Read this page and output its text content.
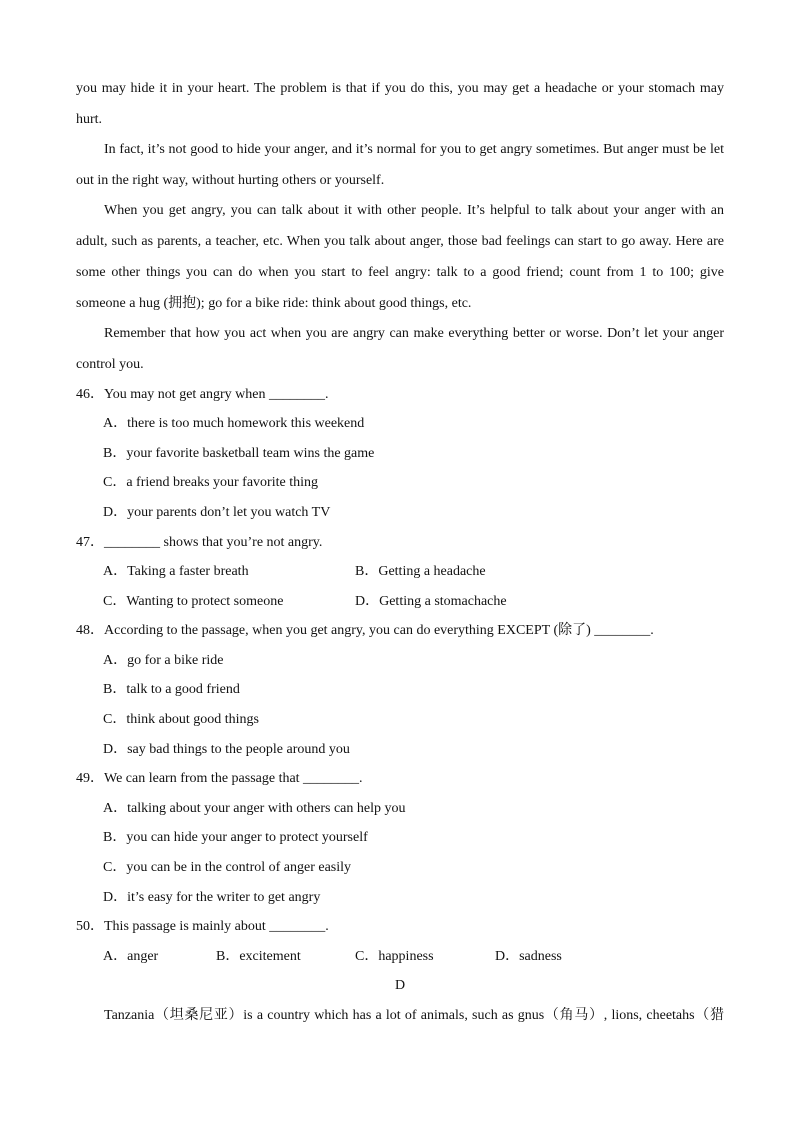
you may hide it in your heart. The problem is that if you do this, you may get a headache or your stomach may
hurt.
In fact, it’s not good to hide your anger, and it’s normal for you to get angry sometimes. But anger must be let
out in the right way, without hurting others or yourself.
When you get angry, you can talk about it with other people. It’s helpful to talk about your anger with an
adult, such as parents, a teacher, etc. When you talk about anger, those bad feelings can start to go away. Here are
some other things you can do when you start to feel angry: talk to a good friend; count from 1 to 100; give
someone a hug (拥抱); go for a bike ride: think about good things, etc.
Remember that how you act when you are angry can make everything better or worse. Don’t let your anger
control you.
46．You may not get angry when ________.
A．there is too much homework this weekend
B．your favorite basketball team wins the game
C．a friend breaks your favorite thing
D．your parents don’t let you watch TV
47．________ shows that you’re not angry.
A．Taking a faster breath	B．Getting a headache
C．Wanting to protect someone	D．Getting a stomachache
48．According to the passage, when you get angry, you can do everything EXCEPT (除了) ________.
A．go for a bike ride
B．talk to a good friend
C．think about good things
D．say bad things to the people around you
49．We can learn from the passage that ________.
A．talking about your anger with others can help you
B．you can hide your anger to protect yourself
C．you can be in the control of anger easily
D．it’s easy for the writer to get angry
50．This passage is mainly about ________.
A．anger	B．excitement	C．happiness	D．sadness
D
Tanzania（坦桑尼亚）is a country which has a lot of animals, such as gnus（角马）, lions, cheetahs（猎
